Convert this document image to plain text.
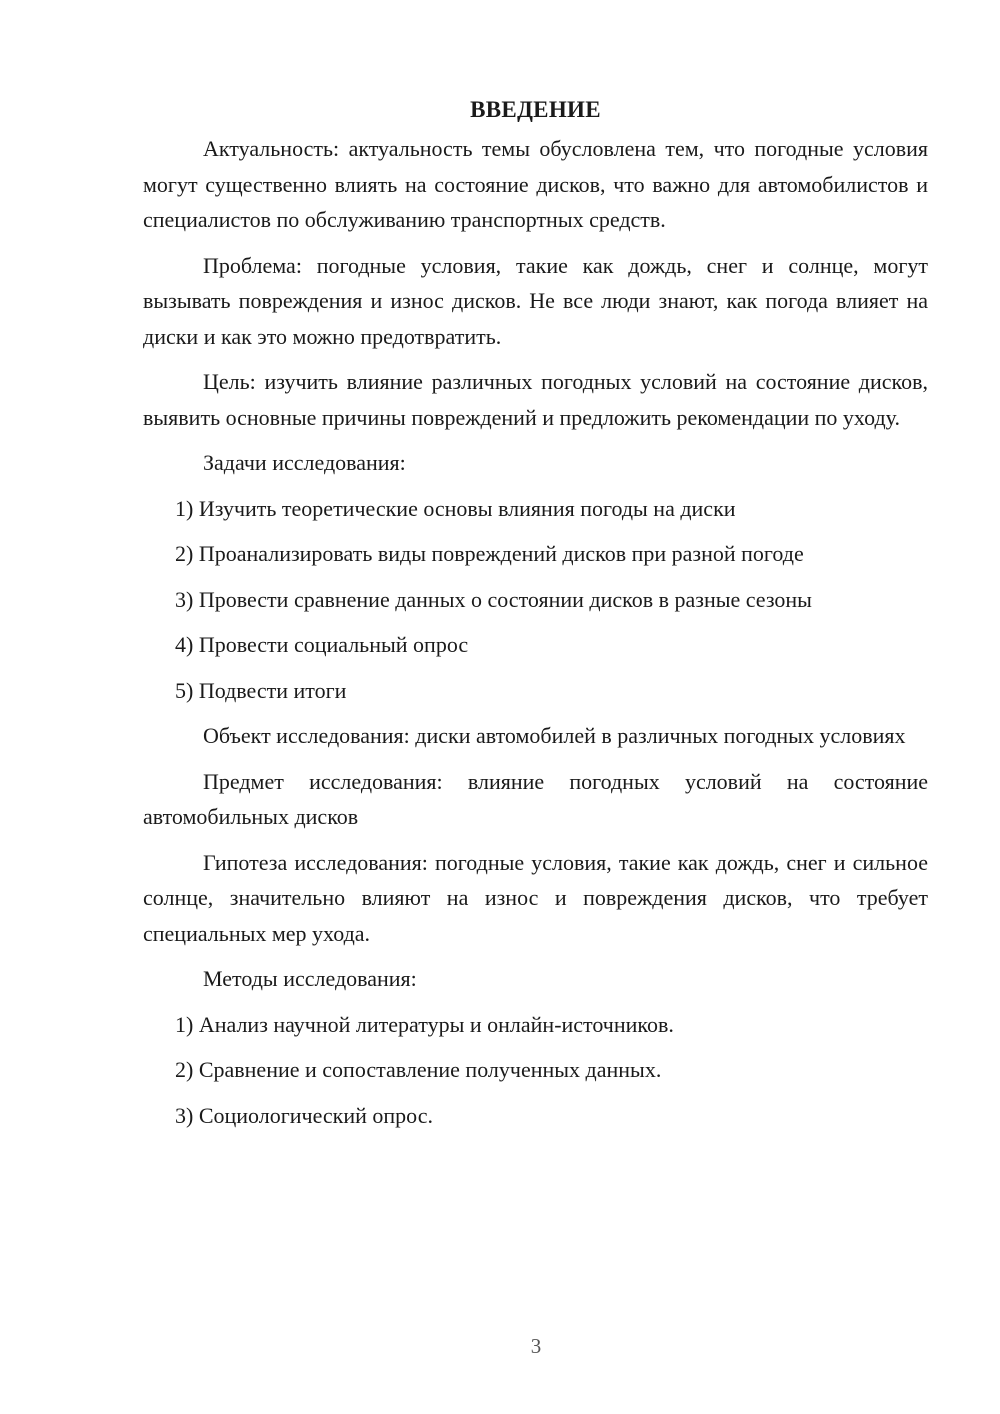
ВВЕДЕНИЕ

Актуальность: актуальность темы обусловлена тем, что погодные условия могут существенно влиять на состояние дисков, что важно для автомобилистов и специалистов по обслуживанию транспортных средств.

Проблема: погодные условия, такие как дождь, снег и солнце, могут вызывать повреждения и износ дисков. Не все люди знают, как погода влияет на диски и как это можно предотвратить.

Цель: изучить влияние различных погодных условий на состояние дисков, выявить основные причины повреждений и предложить рекомендации по уходу.

Задачи исследования:

1) Изучить теоретические основы влияния погоды на диски
2) Проанализировать виды повреждений дисков при разной погоде
3) Провести сравнение данных о состоянии дисков в разные сезоны
4) Провести социальный опрос
5) Подвести итоги

Объект исследования: диски автомобилей в различных погодных условиях

Предмет исследования: влияние погодных условий на состояние автомобильных дисков

Гипотеза исследования: погодные условия, такие как дождь, снег и сильное солнце, значительно влияют на износ и повреждения дисков, что требует специальных мер ухода.

Методы исследования:

1) Анализ научной литературы и онлайн-источников.
2) Сравнение и сопоставление полученных данных.
3) Социологический опрос.
3
